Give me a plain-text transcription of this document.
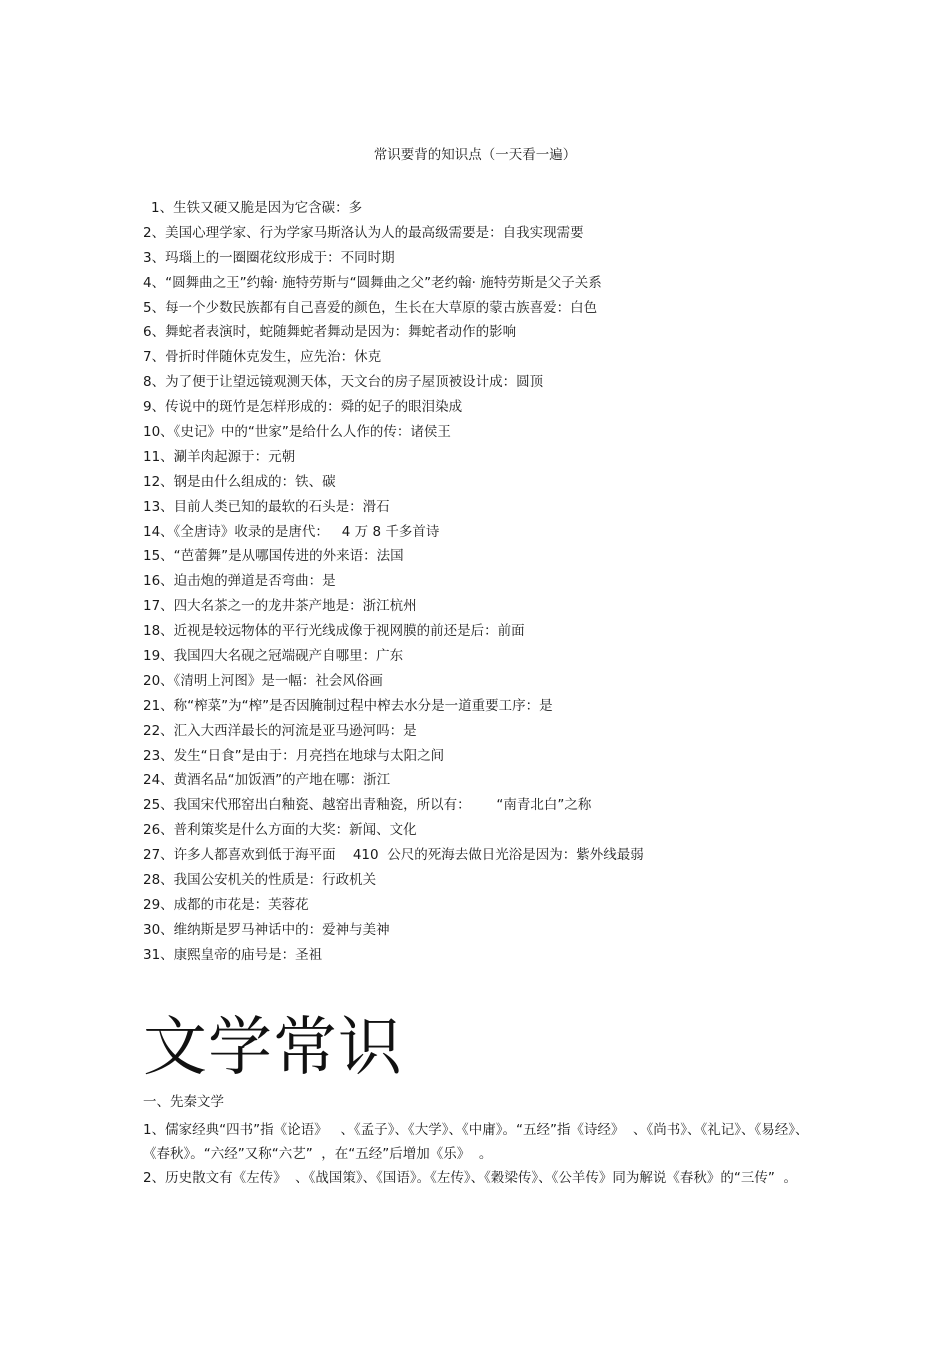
常识要背的知识点（一天看一遍）
1、生铁又硬又脆是因为它含碳：多
2、美国心理学家、行为学家马斯洛认为人的最高级需要是：自我实现需要
3、玛瑙上的一圈圈花纹形成于：不同时期
4、“圆舞曲之王”约翰· 施特劳斯与“圆舞曲之父”老约翰· 施特劳斯是父子关系
5、每一个少数民族都有自己喜爱的颜色，生长在大草原的蒙古族喜爱：白色
6、舞蛇者表演时，蛇随舞蛇者舞动是因为：舞蛇者动作的影响
7、骨折时伴随休克发生，应先治：休克
8、为了便于让望远镜观测天体，天文台的房子屋顶被设计成：圆顶
9、传说中的斑竹是怎样形成的：舜的妃子的眼泪染成
10、《史记》中的“世家”是给什么人作的传：诸侯王
11、涮羊肉起源于：元朝
12、钢是由什么组成的：铁、碳
13、目前人类已知的最软的石头是：滑石
14、《全唐诗》收录的是唐代：   4 万 8 千多首诗
15、“芭蕾舞”是从哪国传进的外来语：法国
16、迫击炮的弹道是否弯曲：是
17、四大名茶之一的龙井茶产地是：浙江杭州
18、近视是较远物体的平行光线成像于视网膜的前还是后：前面
19、我国四大名砚之冠端砚产自哪里：广东
20、《清明上河图》是一幅：社会风俗画
21、称“榨菜”为“榨”是否因腌制过程中榨去水分是一道重要工序：是
22、汇入大西洋最长的河流是亚马逊河吗：是
23、发生“日食”是由于：月亮挡在地球与太阳之间
24、黄酒名品“加饭酒”的产地在哪：浙江
25、我国宋代邢窑出白釉瓷、越窑出青釉瓷，所以有：      “南青北白”之称
26、普利策奖是什么方面的大奖：新闻、文化
27、许多人都喜欢到低于海平面    410  公尺的死海去做日光浴是因为：紫外线最弱
28、我国公安机关的性质是：行政机关
29、成都的市花是：芙蓉花
30、维纳斯是罗马神话中的：爱神与美神
31、康熙皇帝的庙号是：圣祖
文学常识
一、先秦文学
1、儒家经典“四书”指《论语》   、《孟子》、《大学》、《中庸》。“五经”指《诗经》  、《尚书》、《礼记》、《易经》、《春秋》。“六经”又称“六艺”  ，在“五经”后增加《乐》  。
2、历史散文有《左传》  、《战国策》、《国语》。《左传》、《穀梁传》、《公羊传》同为解说《春秋》的“三传”  。
